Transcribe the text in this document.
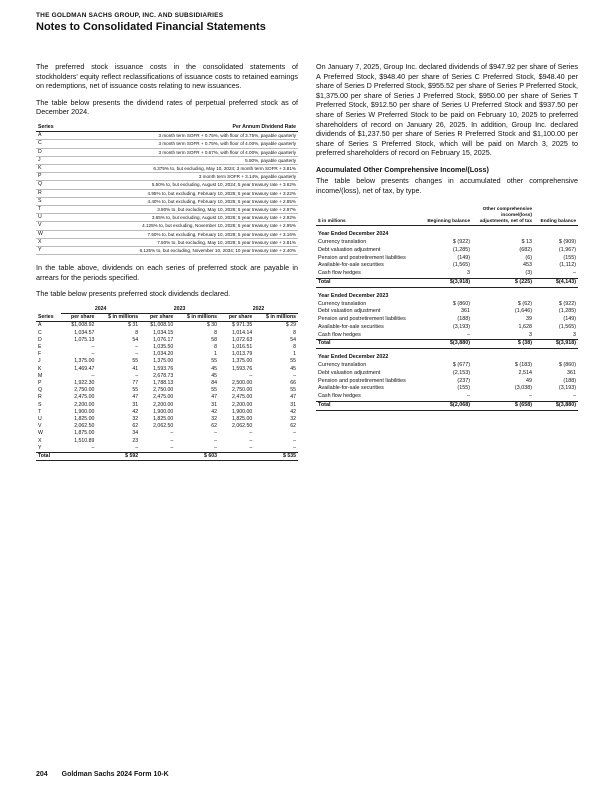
THE GOLDMAN SACHS GROUP, INC. AND SUBSIDIARIES
Notes to Consolidated Financial Statements

The preferred stock issuance costs in the consolidated statements of stockholders' equity reflect reclassifications of issuance costs to retained earnings on redemptions, net of issuance costs relating to new issuances.

The table below presents the dividend rates of perpetual preferred stock as of December 2024.

Series	Per Annum Dividend Rate
A	3 month term SOFR + 0.75%, with floor of 3.75%, payable quarterly
C	3 month term SOFR + 0.75%, with floor of 4.00%, payable quarterly
D	3 month term SOFR + 0.67%, with floor of 4.00%, payable quarterly
J	5.50%, payable quarterly
K	6.375% to, but excluding, May 10, 2024; 3 month term SOFR + 3.81%
P	3 month term SOFR + 3.14%, payable quarterly
Q	5.50% to, but excluding, August 10, 2024; 5 year treasury rate + 3.62%
R	4.95% to, but excluding, February 10, 2025; 5 year treasury rate + 3.22%
S	4.40% to, but excluding, February 10, 2025; 5 year treasury rate + 2.85%
T	3.80% to, but excluding, May 10, 2026; 5 year treasury rate + 2.97%
U	3.65% to, but excluding, August 10, 2026; 5 year treasury rate + 2.92%
V	4.125% to, but excluding, November 10, 2026; 5 year treasury rate + 2.95%
W	7.50% to, but excluding, February 10, 2029; 5 year treasury rate + 3.16%
X	7.50% to, but excluding, May 10, 2029; 5 year treasury rate + 2.81%
Y	6.125% to, but excluding, November 10, 2034; 10 year treasury rate + 2.40%

In the table above, dividends on each series of preferred stock are payable in arrears for the periods specified.

The table below presents preferred stock dividends declared.

	2024		2023		2022	
Series	per share	$ in millions	per share	$ in millions	per share	$ in millions
A	$1,008.92	$ 31	$1,008.10	$ 30	$ 971.35	$ 29
C	1,034.57	8	1,034.15	8	1,014.14	8
D	1,075.13	54	1,076.17	58	1,072.63	54
E	–	–	1,035.50	8	1,016.51	8
F	–	–	1,034.20	1	1,013.79	1
J	1,375.00	55	1,375.00	55	1,375.00	55
K	1,469.47	41	1,593.76	45	1,593.76	45
M	–	–	2,678.73	45	–	–
P	1,922.30	77	1,788.13	84	2,500.00	66
Q	2,750.00	55	2,750.00	55	2,750.00	55
R	2,475.00	47	2,475.00	47	2,475.00	47
S	2,200.00	31	2,200.00	31	2,200.00	31
T	1,900.00	42	1,900.00	42	1,900.00	42
U	1,825.00	32	1,825.00	32	1,825.00	32
V	2,062.50	62	2,062.50	62	2,062.50	62
W	1,875.00	34	–	–	–	–
X	1,510.89	23	–	–	–	–
Y	–	–	–	–	–	–
Total		$ 592		$ 603		$ 535

On January 7, 2025, Group Inc. declared dividends of $947.92 per share of Series A Preferred Stock, $948.40 per share of Series C Preferred Stock, $948.40 per share of Series D Preferred Stock, $955.52 per share of Series P Preferred Stock, $1,375.00 per share of Series J Preferred Stock, $950.00 per share of Series T Preferred Stock, $912.50 per share of Series U Preferred Stock and $937.50 per share of Series W Preferred Stock to be paid on February 10, 2025 to preferred shareholders of record on January 26, 2025. In addition, Group Inc. declared dividends of $1,237.50 per share of Series R Preferred Stock and $1,100.00 per share of Series S Preferred Stock, which will be paid on March 3, 2025 to preferred shareholders of record on February 15, 2025.

Accumulated Other Comprehensive Income/(Loss)

The table below presents changes in accumulated other comprehensive income/(loss), net of tax, by type.

$ in millions	Beginning balance	Other comprehensive income/(loss) adjustments, net of tax	Ending balance
Year Ended December 2024			
Currency translation	$ (922)	$ 13	$ (909)
Debt valuation adjustment	(1,285)	(682)	(1,967)
Pension and postretirement liabilities	(149)	(6)	(155)
Available-for-sale securities	(1,565)	453	(1,112)
Cash flow hedges	3	(3)	–
Total	$(3,918)	$ (225)	$(4,143)
Year Ended December 2023			
Currency translation	$ (860)	$ (62)	$ (922)
Debt valuation adjustment	361	(1,646)	(1,285)
Pension and postretirement liabilities	(188)	39	(149)
Available-for-sale securities	(3,193)	1,628	(1,565)
Cash flow hedges	–	3	3
Total	$(3,880)	$ (38)	$(3,918)
Year Ended December 2022			
Currency translation	$ (677)	$ (183)	$ (860)
Debt valuation adjustment	(2,153)	2,514	361
Pension and postretirement liabilities	(237)	49	(188)
Available-for-sale securities	(155)	(3,038)	(3,193)
Cash flow hedges	–	–	–
Total	$(2,068)	$ (658)	$(3,880)
204 Goldman Sachs 2024 Form 10-K
